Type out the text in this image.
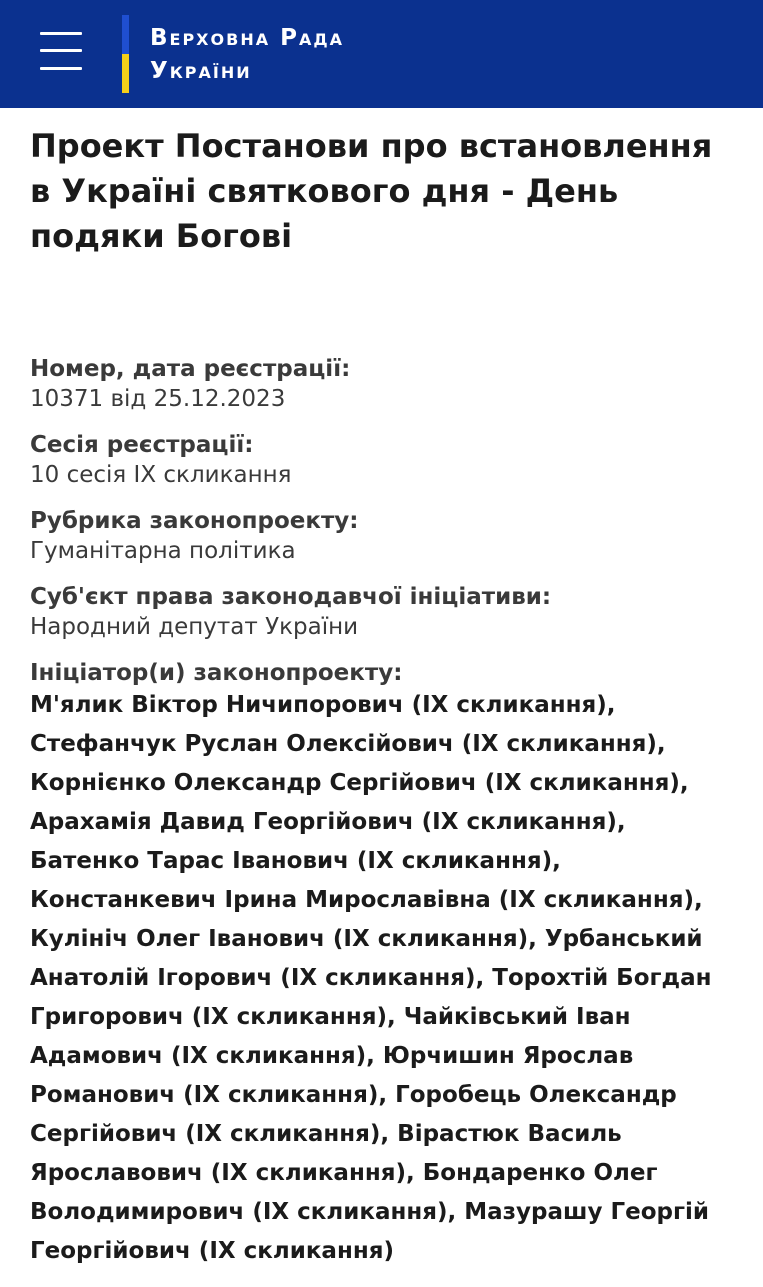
Верховна Рада
України
Проект Постанови про встановлення в Україні святкового дня - День подяки Богові
Номер, дата реєстрації:
10371 від 25.12.2023
Сесія реєстрації:
10 сесія IX скликання
Рубрика законопроекту:
Гуманітарна політика
Суб'єкт права законодавчої ініціативи:
Народний депутат України
Ініціатор(и) законопроекту:
М'ялик Віктор Ничипорович (IX скликання), Стефанчук Руслан Олексійович (IX скликання), Корнієнко Олександр Сергійович (IX скликання), Арахамія Давид Георгійович (IX скликання), Батенко Тарас Іванович (IX скликання), Констанкевич Ірина Мирославівна (IX скликання), Кулініч Олег Іванович (IX скликання), Урбанський Анатолій Ігорович (IX скликання), Торохтій Богдан Григорович (IX скликання), Чайківський Іван Адамович (IX скликання), Юрчишин Ярослав Романович (IX скликання), Горобець Олександр Сергійович (IX скликання), Вірастюк Василь Ярославович (IX скликання), Бондаренко Олег Володимирович (IX скликання), Мазурашу Георгій Георгійович (IX скликання)
